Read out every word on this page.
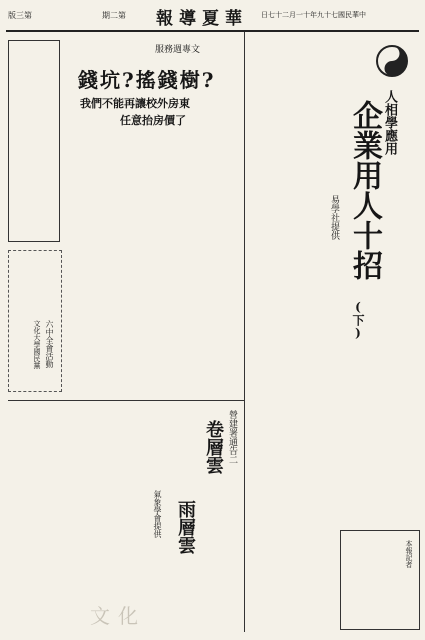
版三第	期二第 報導夏華 日七十二月一十年九十七國民華中
人相學應用
企業用人十招
(下)
易學社提供
服務週專文
錢坑?搖錢樹?
我們不能再讓校外房東
任意抬房價了
六中全會活動
文化大學國民黨
營建署通告二
卷層雲
雨層雲
氣象學會提供
本報記者
文化
